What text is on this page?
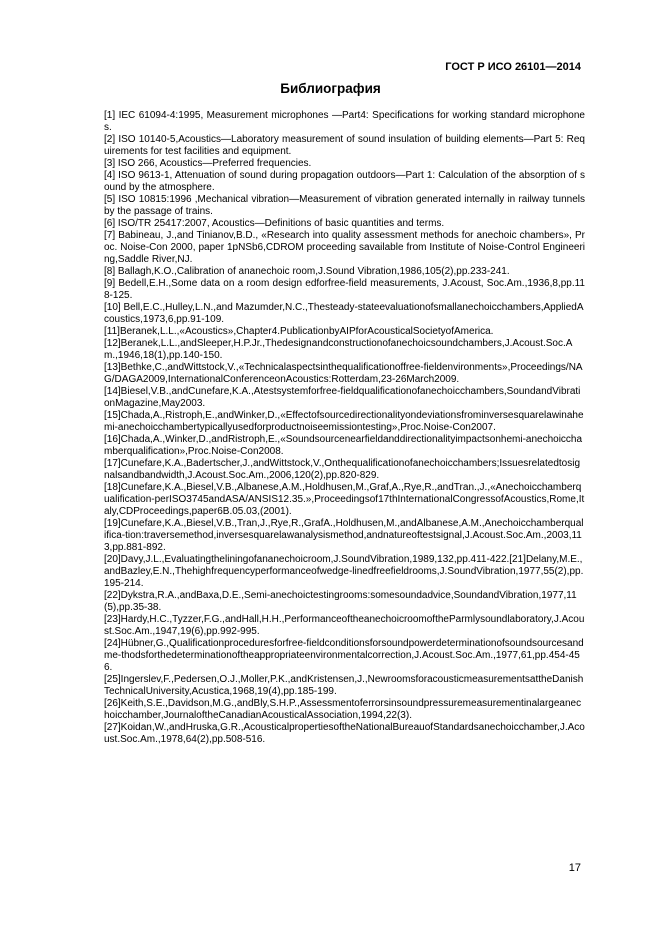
ГОСТ Р ИСО 26101—2014
Библиография

[1] IEC 61094-4:1995, Measurement microphones —Part4: Specifications for working standard microphones.

[2] ISO 10140-5,Acoustics—Laboratory measurement of sound insulation of building elements—Part 5: Requirements for test facilities and equipment.

[3] ISO 266, Acoustics—Preferred frequencies.

[4] ISO 9613-1, Attenuation of sound during propagation outdoors—Part 1: Calculation of the absorption of sound by the atmosphere.

[5] ISO 10815:1996 ,Mechanical vibration—Measurement of vibration generated internally in railway tunnels by the passage of trains.

[6] ISO/TR 25417:2007, Acoustics—Definitions of basic quantities and terms.

[7] Babineau, J.,and Tinianov,B.D., «Research into quality assessment methods for anechoic chambers», Proc. Noise-Con 2000, paper 1pNSb6,CDROM proceeding savailable from Institute of Noise-Control Engineering,Saddle River,NJ.

[8] Ballagh,K.O.,Calibration of ananechoic room,J.Sound Vibration,1986,105(2),pp.233-241.

[9] Bedell,E.H.,Some data on a room design edforfree-field measurements, J.Acoust, Soc.Am.,1936,8,pp.118-125.

[10] Bell,E.C.,Hulley,L.N.,and Mazumder,N.C.,Thesteady-stateevaluationofsmallanechoicchambers,AppliedAcoustics,1973,6,pp.91-109.

[11]Beranek,L.L.,«Acoustics»,Chapter4.PublicationbyAIPforAcousticalSocietyofAmerica.

[12]Beranek,L.L.,andSleeper,H.P.Jr.,Thedesignandconstructionofanechoicsoundchambers,J.Acoust.Soc.Am.,1946,18(1),pp.140-150.

[13]Bethke,C.,andWittstock,V.,«Technicalaspectsinthequalificationoffree-fieldenvironments»,Proceedings/NAG/DAGA2009,InternationalConferenceonAcoustics:Rotterdam,23-26March2009.

[14]Biesel,V.B.,andCunefare,K.A.,Atestsystemforfree-fieldqualificationofanechoicchambers,SoundandVibrationMagazine,May2003.

[15]Chada,A.,Ristroph,E.,andWinker,D.,«Effectofsourcedirectionalityondeviationsfrominversesquarelawinahemi-anechoicchambertypicallyusedforproductnoiseemissiontesting»,Proc.Noise-Con2007.

[16]Chada,A.,Winker,D.,andRistroph,E.,«Soundsourcenearfieldanddirectionalityimpactsonhemi-anechoicchamberqualification»,Proc.Noise-Con2008.

[17]Cunefare,K.A.,Badertscher,J.,andWittstock,V.,Onthequalificationofanechoicchambers;Issuesrelatedtosignalsandbandwidth,J.Acoust.Soc.Am.,2006,120(2),pp.820-829.

[18]Cunefare,K.A.,Biesel,V.B.,Albanese,A.M.,Holdhusen,M.,Graf,A.,Rye,R.,andTran.,J.,«Anechoicchamberqualification-perISO3745andASA/ANSIS12.35.»,Proceedingsof17thInternationalCongressofAcoustics,Rome,Italy,CDProceedings,paper6B.05.03,(2001).

[19]Cunefare,K.A.,Biesel,V.B.,Tran,J.,Rye,R.,GrafA.,Holdhusen,M.,andAlbanese,A.M.,Anechoicchamberqualifica-tion:traversemethod,inversesquarelawanalysismethod,andnatureoftestsignal,J.Acoust.Soc.Am.,2003,113,pp.881-892.

[20]Davy,J.L.,Evaluatingtheliningofananechoicroom,J.SoundVibration,1989,132,pp.411-422.[21]Delany,M.E.,andBazley,E.N.,Thehighfrequencyperformanceofwedge-linedfreefieldrooms,J.SoundVibration,1977,55(2),pp.195-214.

[22]Dykstra,R.A.,andBaxa,D.E.,Semi-anechoictestingrooms:somesoundadvice,SoundandVibration,1977,11(5),pp.35-38.

[23]Hardy,H.C.,Tyzzer,F.G.,andHall,H.H.,PerformanceoftheanechoicroomoftheParmlysoundlaboratory,J.Acoust.Soc.Am.,1947,19(6),pp.992-995.

[24]Hübner,G.,Qualificationproceduresforfree-fieldconditionsforsoundpowerdeterminationofsoundsourcesandme-thodsforthedeterminationoftheappropriateenvironmentalcorrection,J.Acoust.Soc.Am.,1977,61,pp.454-456.

[25]Ingerslev,F.,Pedersen,O.J.,Moller,P.K.,andKristensen,J.,NewroomsforacousticmeasurementsattheDanishTechnicalUniversity,Acustica,1968,19(4),pp.185-199.

[26]Keith,S.E.,Davidson,M.G.,andBly,S.H.P.,Assessmentoferrorsinsoundpressuremeasurementinalargeanechoicchamber,JournaloftheCanadianAcousticalAssociation,1994,22(3).

[27]Koidan,W.,andHruska,G.R.,AcousticalpropertiesoftheNationalBureauofStandardsanechoicchamber,J.Acoust.Soc.Am.,1978,64(2),pp.508-516.

17
